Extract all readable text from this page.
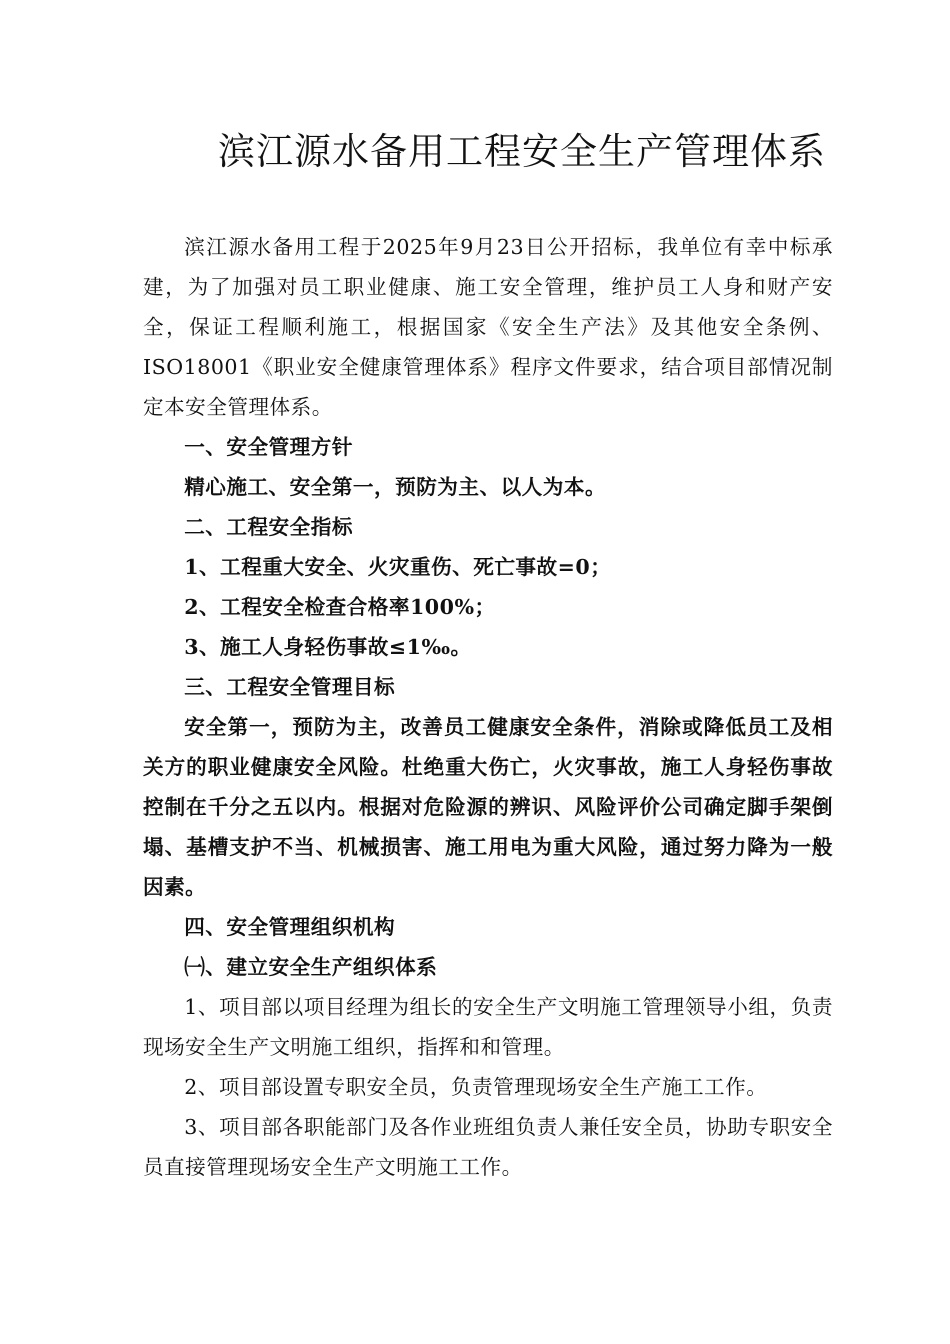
滨江源水备用工程安全生产管理体系

滨江源水备用工程于2025年9月23日公开招标，我单位有幸中标承建，为了加强对员工职业健康、施工安全管理，维护员工人身和财产安全，保证工程顺利施工，根据国家《安全生产法》及其他安全条例、ISO18001《职业安全健康管理体系》程序文件要求，结合项目部情况制定本安全管理体系。

一、安全管理方针

精心施工、安全第一，预防为主、以人为本。

二、工程安全指标

1、工程重大安全、火灾重伤、死亡事故=0；

2、工程安全检查合格率100%；

3、施工人身轻伤事故≤1‰。

三、工程安全管理目标

安全第一，预防为主，改善员工健康安全条件，消除或降低员工及相关方的职业健康安全风险。杜绝重大伤亡，火灾事故，施工人身轻伤事故控制在千分之五以内。根据对危险源的辨识、风险评价公司确定脚手架倒塌、基槽支护不当、机械损害、施工用电为重大风险，通过努力降为一般因素。

四、安全管理组织机构

㈠、建立安全生产组织体系

1、项目部以项目经理为组长的安全生产文明施工管理领导小组，负责现场安全生产文明施工组织，指挥和和管理。

2、项目部设置专职安全员，负责管理现场安全生产施工工作。

3、项目部各职能部门及各作业班组负责人兼任安全员，协助专职安全员直接管理现场安全生产文明施工工作。
